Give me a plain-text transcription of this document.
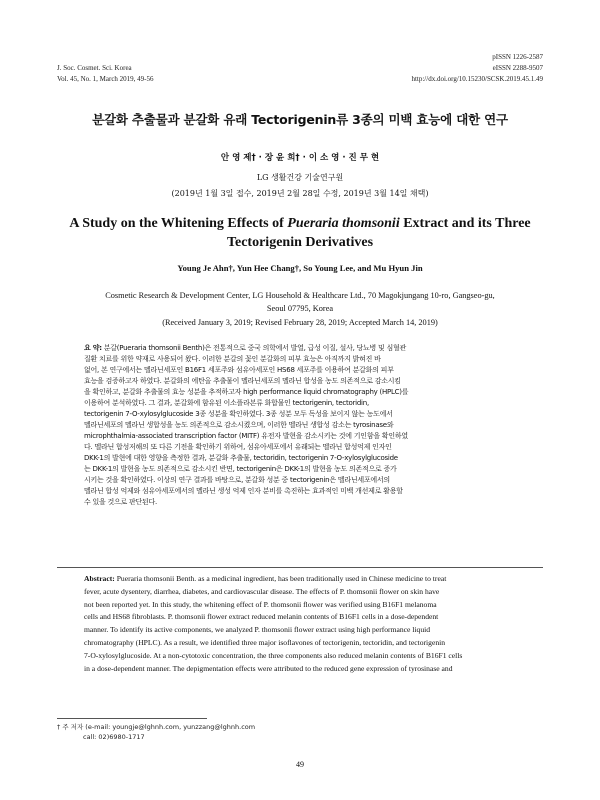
J. Soc. Cosmet. Sci. Korea
Vol. 45, No. 1, March 2019, 49-56
pISSN 1226-2587
eISSN 2288-9507
http://dx.doi.org/10.15230/SCSK.2019.45.1.49
분갈화 추출물과 분갈화 유래 Tectorigenin류 3종의 미백 효능에 대한 연구
안 영 제† · 장 윤 희† · 이 소 영 · 진 무 현
LG 생활건강 기술연구원
(2019년 1월 3일 접수, 2019년 2월 28일 수정, 2019년 3월 14일 채택)
A Study on the Whitening Effects of Pueraria thomsonii Extract and its Three
Tectorigenin Derivatives
Young Je Ahn†, Yun Hee Chang†, So Young Lee, and Mu Hyun Jin
Cosmetic Research & Development Center, LG Household & Healthcare Ltd., 70 Magokjungang 10-ro, Gangseo-gu,
Seoul 07795, Korea
(Received January 3, 2019; Revised February 28, 2019; Accepted March 14, 2019)
요 약: 분갈(Pueraria thomsonii Benth)은 전통적으로 중국 의학에서 발열, 급성 이질, 설사, 당뇨병 및 심혈관
질환 치료를 위한 약재로 사용되어 왔다. 이러한 분갈의 꽃인 분갈화의 피부 효능은 아직까지 밝혀진 바
없어, 본 연구에서는 멜라닌세포인 B16F1 세포주와 섬유아세포인 HS68 세포주를 이용하여 분갈화의 피부
효능을 검증하고자 하였다. 분갈화의 에탄올 추출물이 멜라닌세포의 멜라닌 합성을 농도 의존적으로 감소시킴
을 확인하고, 분갈화 추출물의 효능 성분을 추적하고자 high performance liquid chromatography (HPLC)를
이용하여 분석하였다. 그 결과, 분갈화에 함유된 이소플라본류 화합물인 tectorigenin, tectoridin,
tectorigenin 7-O-xylosylglucoside 3종 성분을 확인하였다. 3종 성분 모두 독성을 보이지 않는 농도에서
멜라닌세포의 멜라닌 생합성을 농도 의존적으로 감소시켰으며, 이러한 멜라닌 생합성 감소는 tyrosinase와
microphthalmia-associated transcription factor (MITF) 유전자 발현을 감소시키는 것에 기인함을 확인하였
다. 멜라닌 합성저해의 또 다른 기전을 확인하기 위하여, 섬유아세포에서 유래되는 멜라닌 합성억제 인자인
DKK-1의 발현에 대한 영향을 측정한 결과, 분갈화 추출물, tectoridin, tectorigenin 7-O-xylosylglucoside
는 DKK-1의 발현을 농도 의존적으로 감소시킨 반면, tectorigenin은 DKK-1의 발현을 농도 의존적으로 증가
시키는 것을 확인하였다. 이상의 연구 결과를 바탕으로, 분갈화 성분 중 tectorigenin은 멜라닌세포에서의
멜라닌 합성 억제와 섬유아세포에서의 멜라닌 생성 억제 인자 분비를 촉진하는 효과적인 미백 개선제로 활용할
수 있을 것으로 판단된다.
Abstract: Pueraria thomsonii Benth. as a medicinal ingredient, has been traditionally used in Chinese medicine to treat
fever, acute dysentery, diarrhea, diabetes, and cardiovascular disease. The effects of P. thomsonii flower on skin have
not been reported yet. In this study, the whitening effect of P. thomsonii flower was verified using B16F1 melanoma
cells and HS68 fibroblasts. P. thomsonii flower extract reduced melanin contents of B16F1 cells in a dose-dependent
manner. To identify its active components, we analyzed P. thomsonii flower extract using high performance liquid
chromatography (HPLC). As a result, we identified three major isoflavones of tectorigenin, tectoridin, and tectorigenin
7-O-xylosylglucoside. At a non-cytotoxic concentration, the three components also reduced melanin contents of B16F1 cells
in a dose-dependent manner. The depigmentation effects were attributed to the reduced gene expression of tyrosinase and
† 주 저자 (e-mail: youngje@lghnh.com, yunzzang@lghnh.com
call: 02)6980-1717
49
